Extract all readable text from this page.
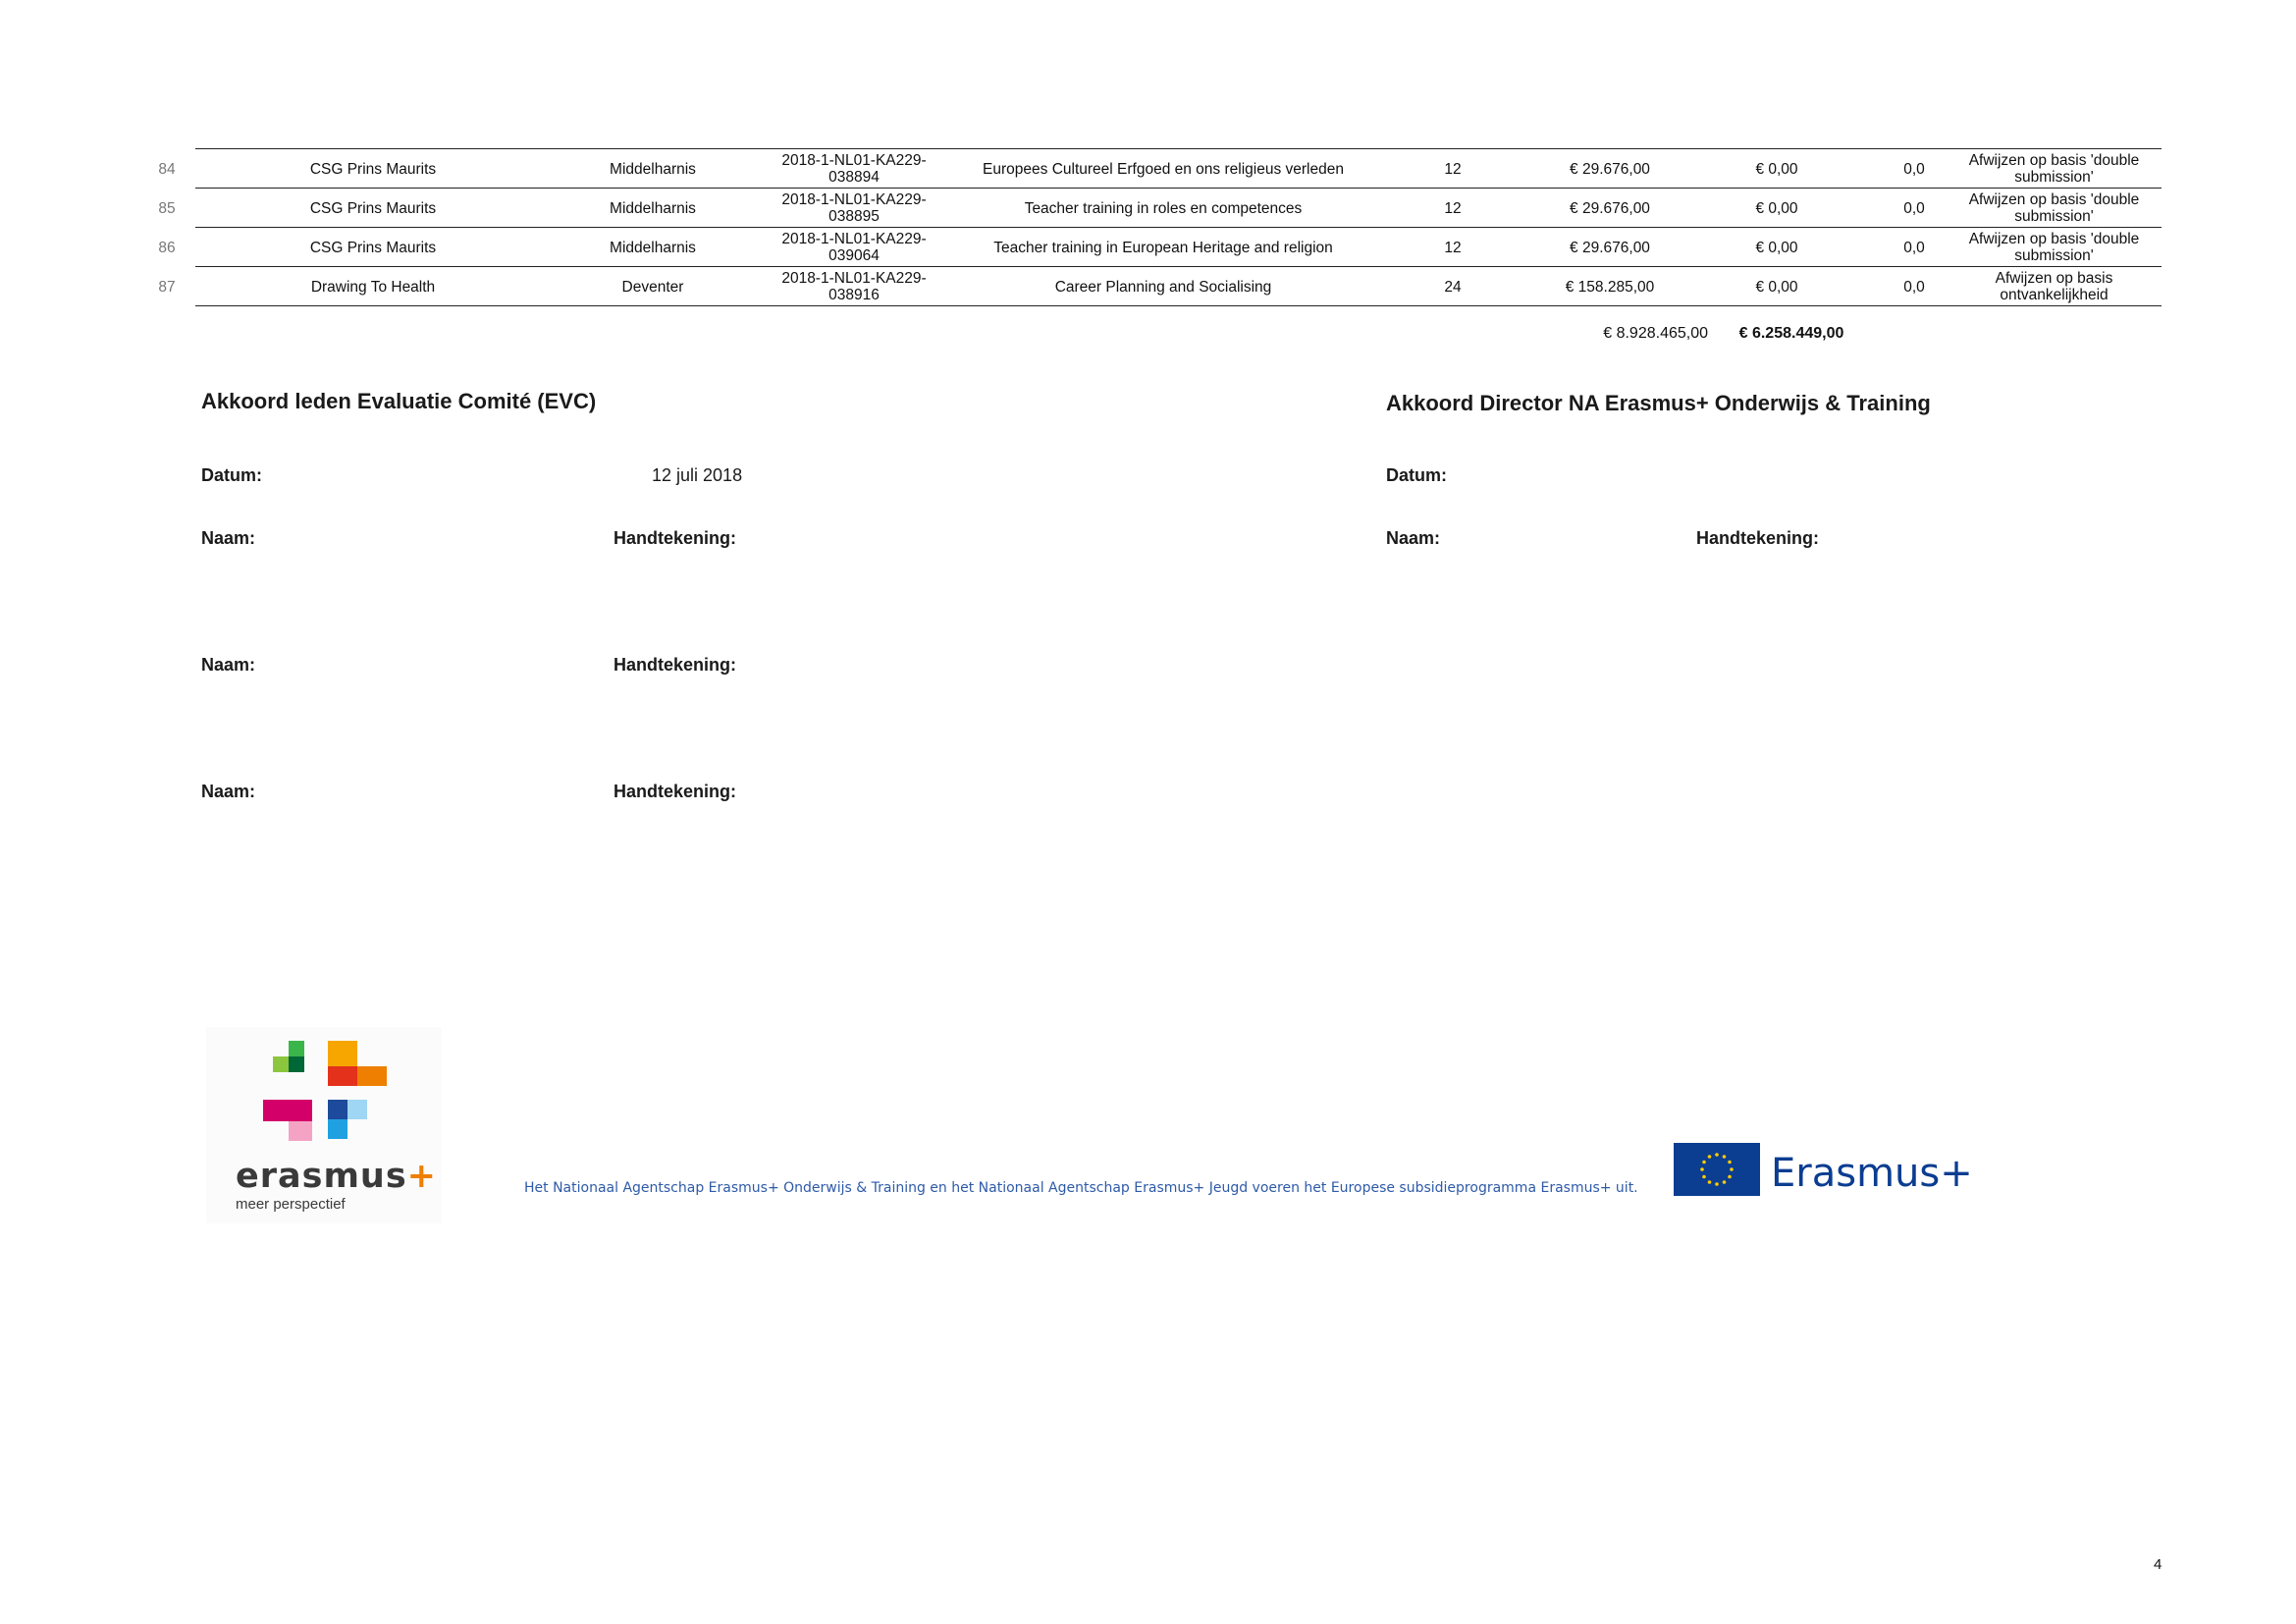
84	CSG Prins Maurits	Middelharnis	2018-1-NL01-KA229-
038894	Europees Cultureel Erfgoed en ons religieus verleden	12	€ 29.676,00	€ 0,00	0,0	Afwijzen op basis 'double
submission'
85	CSG Prins Maurits	Middelharnis	2018-1-NL01-KA229-
038895	Teacher training in roles en competences	12	€ 29.676,00	€ 0,00	0,0	Afwijzen op basis 'double
submission'
86	CSG Prins Maurits	Middelharnis	2018-1-NL01-KA229-
039064	Teacher training in European Heritage and religion	12	€ 29.676,00	€ 0,00	0,0	Afwijzen op basis 'double
submission'
87	Drawing To Health	Deventer	2018-1-NL01-KA229-
038916	Career Planning and Socialising	24	€ 158.285,00	€ 0,00	0,0	Afwijzen op basis
ontvankelijkheid
€ 8.928.465,00	€ 6.258.449,00
Akkoord leden Evaluatie Comité (EVC)
Datum:	12 juli 2018
Naam:	Handtekening:
Naam:	Handtekening:
Naam:	Handtekening:
Akkoord Director NA Erasmus+ Onderwijs & Training
Datum:
Naam:	Handtekening:
erasmus+
meer perspectief
Het Nationaal Agentschap Erasmus+ Onderwijs & Training en het Nationaal Agentschap Erasmus+ Jeugd voeren het Europese subsidieprogramma Erasmus+ uit.	Erasmus+
4
